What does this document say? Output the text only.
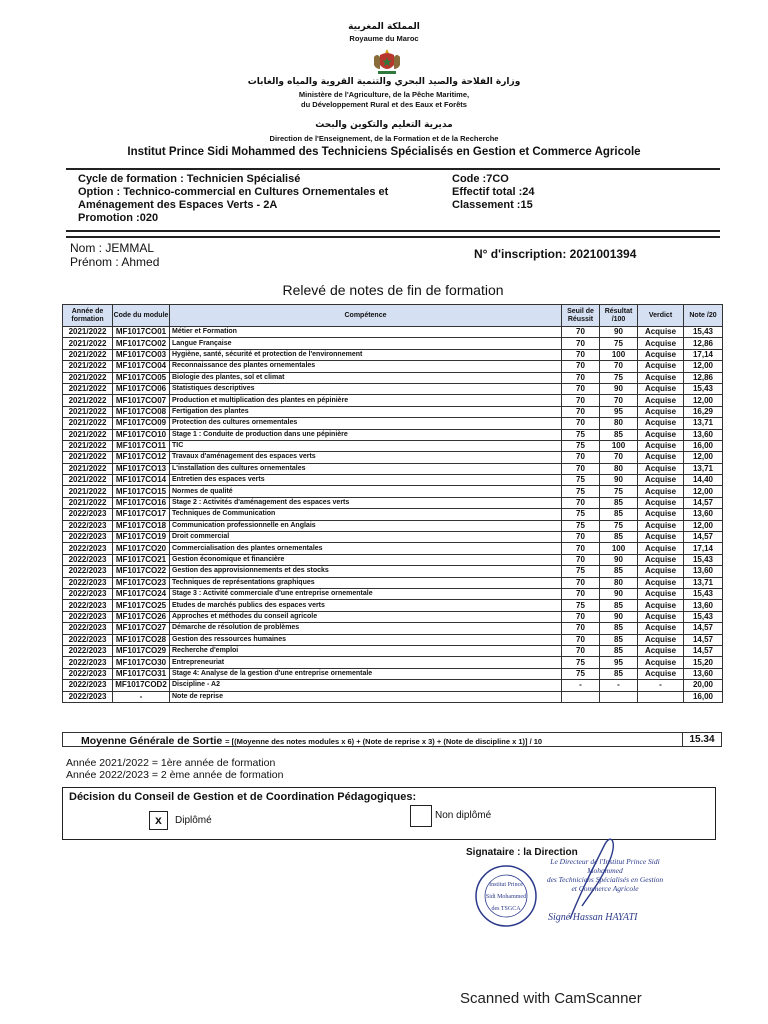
المملكة المغربية
Royaume du Maroc
وزارة الفلاحة والصيد البحري والتنمية القروية والمياه والغابات
Ministère de l'Agriculture, de la Pêche Maritime,
du Développement Rural et des Eaux et Forêts
مديرية التعليم والتكوين والبحث
Direction de l'Enseignement, de la Formation et de la Recherche
Institut Prince Sidi Mohammed des Techniciens Spécialisés en Gestion et Commerce Agricole
Cycle de formation : Technicien Spécialisé
Option : Technico-commercial en Cultures Ornementales et
Aménagement des Espaces Verts - 2A
Promotion :020
Code :7CO
Effectif total :24
Classement :15
Nom : JEMMAL
Prénom : Ahmed
N° d'inscription: 2021001394
Relevé de notes de fin de formation
Année de formation	Code du module	Compétence	Seuil de Réussit	Résultat /100	Verdict	Note /20
2021/2022	MF1017CO01	Métier et Formation	70	90	Acquise	15,43
2021/2022	MF1017CO02	Langue Française	70	75	Acquise	12,86
2021/2022	MF1017CO03	Hygiène, santé, sécurité et protection de l'environnement	70	100	Acquise	17,14
2021/2022	MF1017CO04	Reconnaissance des plantes ornementales	70	70	Acquise	12,00
2021/2022	MF1017CO05	Biologie des plantes, sol et climat	70	75	Acquise	12,86
2021/2022	MF1017CO06	Statistiques descriptives	70	90	Acquise	15,43
2021/2022	MF1017CO07	Production et multiplication des plantes en pépinière	70	70	Acquise	12,00
2021/2022	MF1017CO08	Fertigation des plantes	70	95	Acquise	16,29
2021/2022	MF1017CO09	Protection des cultures ornementales	70	80	Acquise	13,71
2021/2022	MF1017CO10	Stage 1 : Conduite de production dans une pépinière	75	85	Acquise	13,60
2021/2022	MF1017CO11	TIC	75	100	Acquise	16,00
2021/2022	MF1017CO12	Travaux d'aménagement des espaces verts	70	70	Acquise	12,00
2021/2022	MF1017CO13	L'installation des cultures ornementales	70	80	Acquise	13,71
2021/2022	MF1017CO14	Entretien des espaces verts	75	90	Acquise	14,40
2021/2022	MF1017CO15	Normes de qualité	75	75	Acquise	12,00
2021/2022	MF1017CO16	Stage 2 : Activités d'aménagement des espaces verts	70	85	Acquise	14,57
2022/2023	MF1017CO17	Techniques de Communication	75	85	Acquise	13,60
2022/2023	MF1017CO18	Communication professionnelle en Anglais	75	75	Acquise	12,00
2022/2023	MF1017CO19	Droit commercial	70	85	Acquise	14,57
2022/2023	MF1017CO20	Commercialisation des plantes ornementales	70	100	Acquise	17,14
2022/2023	MF1017CO21	Gestion économique et financière	70	90	Acquise	15,43
2022/2023	MF1017CO22	Gestion des approvisionnements et des stocks	75	85	Acquise	13,60
2022/2023	MF1017CO23	Techniques de représentations graphiques	70	80	Acquise	13,71
2022/2023	MF1017CO24	Stage 3 : Activité commerciale d'une entreprise ornementale	70	90	Acquise	15,43
2022/2023	MF1017CO25	Etudes de marchés publics des espaces verts	75	85	Acquise	13,60
2022/2023	MF1017CO26	Approches et méthodes du conseil agricole	70	90	Acquise	15,43
2022/2023	MF1017CO27	Démarche de résolution de problèmes	70	85	Acquise	14,57
2022/2023	MF1017CO28	Gestion des ressources humaines	70	85	Acquise	14,57
2022/2023	MF1017CO29	Recherche d'emploi	70	85	Acquise	14,57
2022/2023	MF1017CO30	Entrepreneuriat	75	95	Acquise	15,20
2022/2023	MF1017CO31	Stage 4: Analyse de la gestion d'une entreprise ornementale	75	85	Acquise	13,60
2022/2023	MF1017COD2	Discipline - A2	-	-	-	20,00
2022/2023	-	Note de reprise				16,00
Moyenne Générale de Sortie = [(Moyenne des notes modules x 6) + (Note de reprise x 3) + (Note de discipline x 1)] / 10	15.34
Année 2021/2022 = 1ère année de formation
Année 2022/2023 = 2 ème année de formation
Décision du Conseil de Gestion et de Coordination Pédagogiques:
x	Diplômé	Non diplômé
Signataire : la Direction
Institut Prince
Sidi Mohammed
des TSGCA
Le Directeur de l'Institut Prince Sidi Mohammed
des Techniciens Spécialisés en Gestion
et Commerce Agricole
Signé Hassan HAYATI
Scanned with CamScanner
